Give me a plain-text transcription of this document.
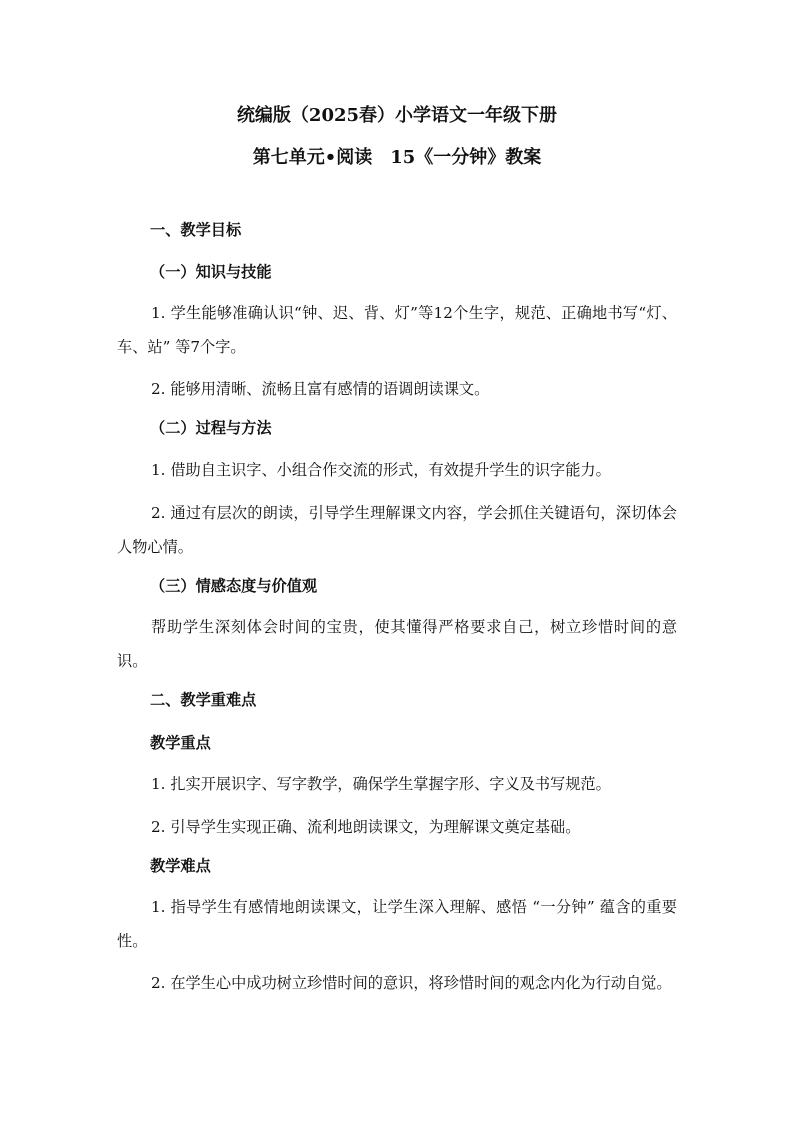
统编版（2025春）小学语文一年级下册
第七单元•阅读　15《一分钟》教案
一、教学目标
（一）知识与技能
1. 学生能够准确认识“钟、迟、背、灯”等12个生字，规范、正确地书写“灯、车、站” 等7个字。
2. 能够用清晰、流畅且富有感情的语调朗读课文。
（二）过程与方法
1. 借助自主识字、小组合作交流的形式，有效提升学生的识字能力。
2. 通过有层次的朗读，引导学生理解课文内容，学会抓住关键语句，深切体会人物心情。
（三）情感态度与价值观
帮助学生深刻体会时间的宝贵，使其懂得严格要求自己，树立珍惜时间的意识。
二、教学重难点
教学重点
1. 扎实开展识字、写字教学，确保学生掌握字形、字义及书写规范。
2. 引导学生实现正确、流利地朗读课文，为理解课文奠定基础。
教学难点
1. 指导学生有感情地朗读课文，让学生深入理解、感悟 “一分钟” 蕴含的重要性。
2. 在学生心中成功树立珍惜时间的意识，将珍惜时间的观念内化为行动自觉。
